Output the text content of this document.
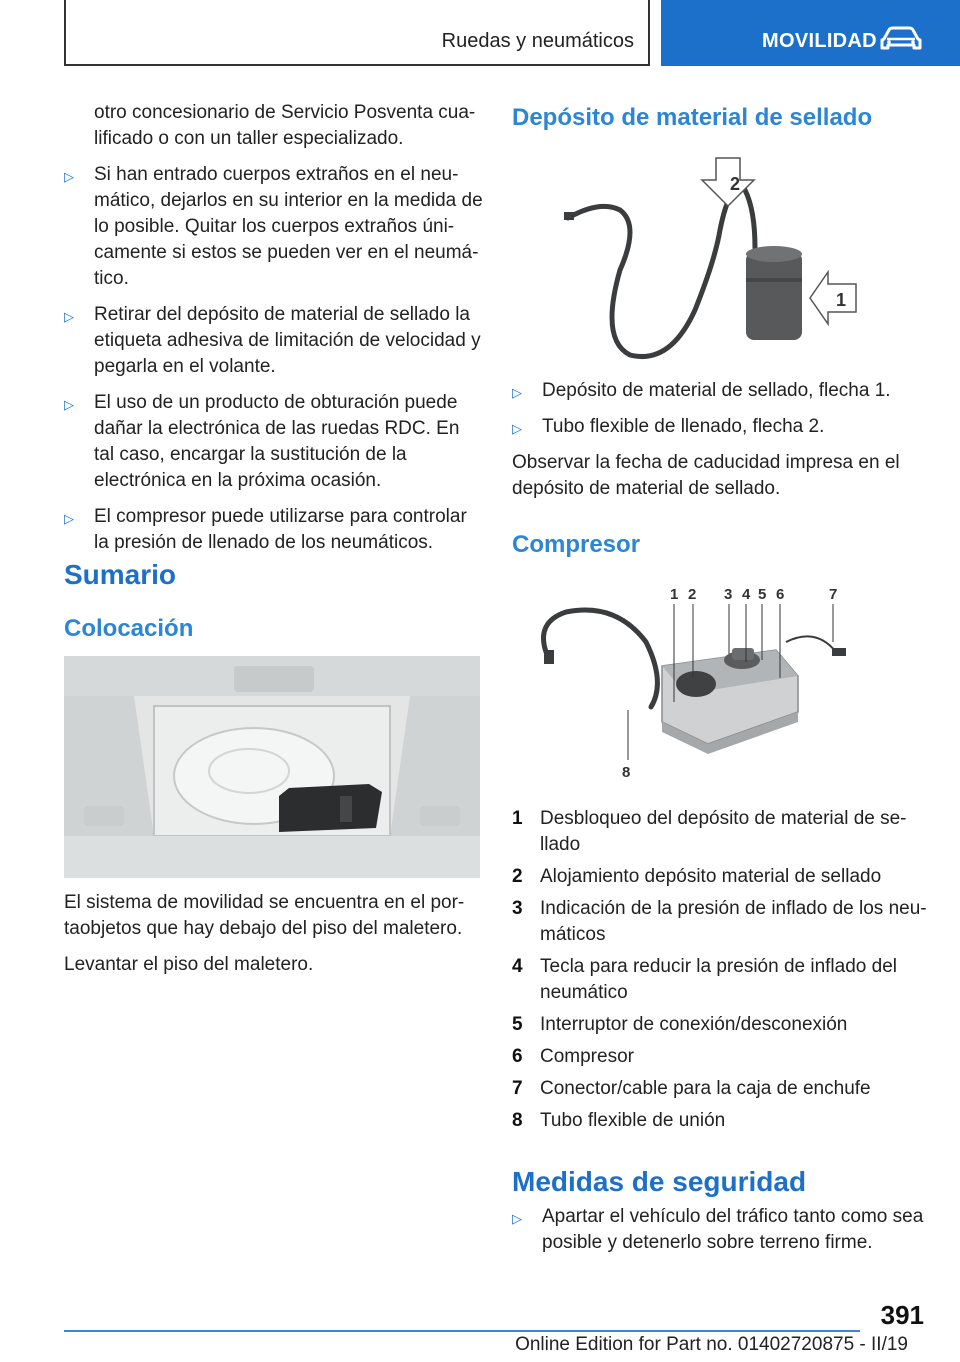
Ruedas y neumáticos	MOVILIDAD
otro concesionario de Servicio Posventa cua-lificado o con un taller especializado.
▷ Si han entrado cuerpos extraños en el neu-mático, dejarlos en su interior en la medida de lo posible. Quitar los cuerpos extraños úni-camente si estos se pueden ver en el neumá-tico.
▷ Retirar del depósito de material de sellado la etiqueta adhesiva de limitación de velocidad y pegarla en el volante.
▷ El uso de un producto de obturación puede dañar la electrónica de las ruedas RDC. En tal caso, encargar la sustitución de la electrónica en la próxima ocasión.
▷ El compresor puede utilizarse para controlar la presión de llenado de los neumáticos.
Sumario
Colocación

El sistema de movilidad se encuentra en el por-taobjetos que hay debajo del piso del maletero.

Levantar el piso del maletero.

Depósito de material de sellado
2
1
▷ Depósito de material de sellado, flecha 1.
▷ Tubo flexible de llenado, flecha 2.

Observar la fecha de caducidad impresa en el depósito de material de sellado.

Compresor
1 2 3 4 5 6	7
8
1 Desbloqueo del depósito de material de se-llado
2 Alojamiento depósito material de sellado
3 Indicación de la presión de inflado de los neu-máticos
4 Tecla para reducir la presión de inflado del neumático
5 Interruptor de conexión/desconexión
6 Compresor
7 Conector/cable para la caja de enchufe
8 Tubo flexible de unión
Medidas de seguridad
▷ Apartar el vehículo del tráfico tanto como sea posible y detenerlo sobre terreno firme.
391
Online Edition for Part no. 01402720875 - II/19
